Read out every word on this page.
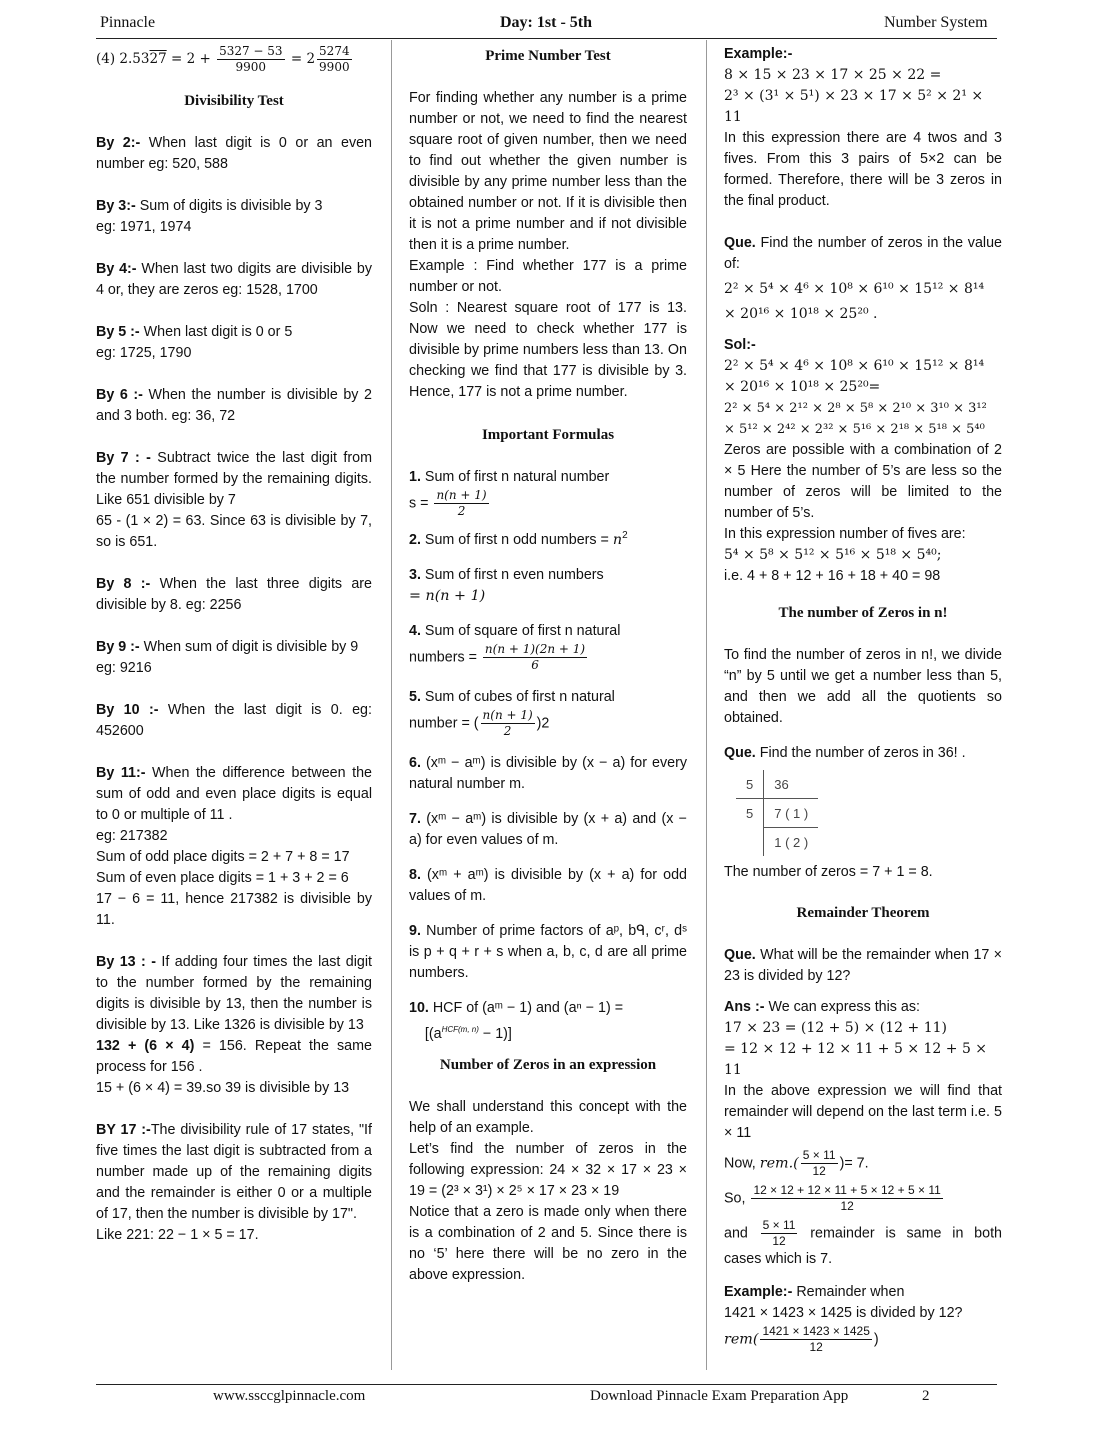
Pinnacle	Day: 1st - 5th	Number System

(4) $2.5327 = 2 + \frac{5327 - 53}{9900} = 2 \frac{5274}{9900}$

Divisibility Test

By 2:- When last digit is 0 or an even number eg: 520, 588

By 3:- Sum of digits is divisible by 3
eg: 1971, 1974

By 4:- When last two digits are divisible by 4 or, they are zeros eg: 1528, 1700

By 5 :- When last digit is 0 or 5
eg: 1725, 1790

By 6 :- When the number is divisible by 2 and 3 both. eg: 36, 72

By 7 : - Subtract twice the last digit from the number formed by the remaining digits. Like 651 divisible by 7
65 - (1 × 2) = 63. Since 63 is divisible by 7, so is 651.

By 8 :- When the last three digits are divisible by 8. eg: 2256

By 9 :- When sum of digit is divisible by 9
eg: 9216

By 10 :- When the last digit is 0. eg: 452600

By 11:- When the difference between the sum of odd and even place digits is equal to 0 or multiple of 11 .
eg: 217382
Sum of odd place digits = 2 + 7 + 8 = 17
Sum of even place digits = 1 + 3 + 2 = 6
17 − 6 = 11, hence 217382 is divisible by 11.

By 13 : - If adding four times the last digit to the number formed by the remaining digits is divisible by 13, then the number is divisible by 13. Like 1326 is divisible by 13
132 + (6 × 4) = 156. Repeat the same process for 156 .
15 + (6 × 4) = 39.so 39 is divisible by 13

BY 17 :-The divisibility rule of 17 states, "If five times the last digit is subtracted from a number made up of the remaining digits and the remainder is either 0 or a multiple of 17, then the number is divisible by 17".
Like 221: 22 − 1 × 5 = 17.

Prime Number Test

For finding whether any number is a prime number or not, we need to find the nearest square root of given number, then we need to find out whether the given number is divisible by any prime number less than the obtained number or not. If it is divisible then it is not a prime number and if not divisible then it is a prime number.

Example : Find whether 177 is a prime number or not.

Soln : Nearest square root of 177 is 13. Now we need to check whether 177 is divisible by prime numbers less than 13. On checking we find that 177 is divisible by 3. Hence, 177 is not a prime number.

Important Formulas

1. Sum of first n natural number
$s = \frac{n(n + 1)}{2}$

2. Sum of first n odd numbers = $n^2$

3. Sum of first n even numbers
= n(n + 1)

4. Sum of square of first n natural
numbers = $\frac{n(n + 1)(2n + 1)}{6}$

5. Sum of cubes of first n natural
number = ( $\frac{n(n + 1)}{2} )2$

6. (xᵐ − aᵐ) is divisible by (x − a) for every natural number m.

7. (xᵐ − aᵐ) is divisible by (x + a) and (x − a) for even values of m.

8. (xᵐ + aᵐ) is divisible by (x + a) for odd values of m.

9. Number of prime factors of aᵖ, bᑫ, cʳ, dˢ is p + q + r + s when a, b, c, d are all prime numbers.

10. HCF of (aᵐ − 1) and (aⁿ − 1) =
$[(a^{HCF(m, n)} - 1)]$

Number of Zeros in an expression

We shall understand this concept with the help of an example.

Let’s find the number of zeros in the following expression: 24 × 32 × 17 × 23 × 19 = (2³ × 3¹) × 2⁵ × 17 × 23 × 19

Notice that a zero is made only when there is a combination of 2 and 5. Since there is no ‘5’ here there will be no zero in the above expression.

Example:-

8 × 15 × 23 × 17 × 25 × 22 =

2³ × (3¹ × 5¹) × 23 × 17 × 5² × 2¹ × 11

In this expression there are 4 twos and 3 fives. From this 3 pairs of 5×2 can be formed. Therefore, there will be 3 zeros in the final product.

Que. Find the number of zeros in the value of:

2² × 5⁴ × 4⁶ × 10⁸ × 6¹⁰ × 15¹² × 8¹⁴

× 20¹⁶ × 10¹⁸ × 25²⁰ .

Sol:-

2² × 5⁴ × 4⁶ × 10⁸ × 6¹⁰ × 15¹² × 8¹⁴

× 20¹⁶ × 10¹⁸ × 25²⁰=

2² × 5⁴ × 2¹² × 2⁸ × 5⁸ × 2¹⁰ × 3¹⁰ × 3¹²

× 5¹² × 2⁴² × 2³² × 5¹⁶ × 2¹⁸ × 5¹⁸ × 5⁴⁰

Zeros are possible with a combination of 2 × 5 Here the number of 5’s are less so the number of zeros will be limited to the number of 5’s.

In this expression number of fives are:

5⁴ × 5⁸ × 5¹² × 5¹⁶ × 5¹⁸ × 5⁴⁰;

i.e. 4 + 8 + 12 + 16 + 18 + 40 = 98

The number of Zeros in n!

To find the number of zeros in n!, we divide “n” by 5 until we get a number less than 5, and then we add all the quotients so obtained.

Que. Find the number of zeros in 36! .

5	36
5	7 ( 1 )
	1 ( 2 )

The number of zeros = 7 + 1 = 8.

Remainder Theorem

Que. What will be the remainder when 17 × 23 is divided by 12?

Ans :- We can express this as:

17 × 23 = (12 + 5) × (12 + 11)

= 12 × 12 + 12 × 11 + 5 × 12 + 5 × 11

In the above expression we will find that remainder will depend on the last term i.e. 5 × 11

Now, $rem.( \frac{5 \times 11}{12}$ )= 7.

So, $\frac{12 \times 12 + 12 \times 11 + 5 \times 12 + 5 \times 11}{12}$

and $\frac{5 \times 11}{12}$ remainder is same in both cases which is 7.

Example:- Remainder when

1421 × 1423 × 1425 is divided by 12?

$rem( \frac{1421 \times 1423 \times 1425}{12}$ )

www.ssccglpinnacle.com	Download Pinnacle Exam Preparation App	2
